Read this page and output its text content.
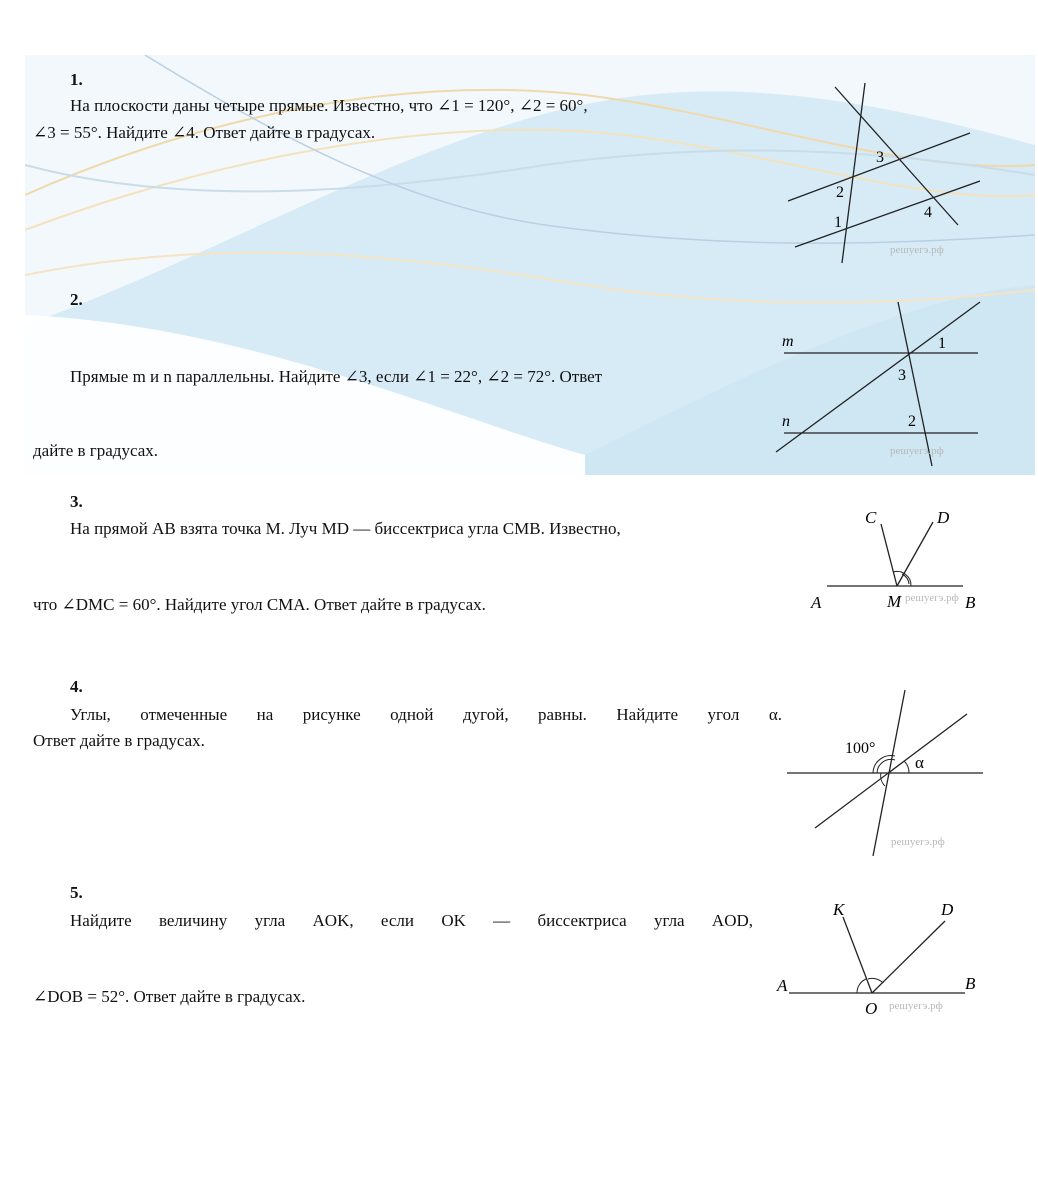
1.
На плоскости даны четыре прямые. Известно, что ∠1 = 120°, ∠2 = 60°,
∠3 = 55°. Найдите ∠4. Ответ дайте в градусах.
3
2
1
4
решуегэ.рф
2.
Прямые m и n параллельны. Найдите ∠3, если ∠1 = 22°, ∠2 = 72°. Ответ
дайте в градусах.
m
n
1
2
3
решуегэ.рф
3.
На прямой AB взята точка M. Луч MD — биссектриса угла CMB. Известно,
что ∠DMC = 60°. Найдите угол CMA. Ответ дайте в градусах.
C	D
A	M	B
решуегэ.рф
4.
Углы, отмеченные на рисунке одной дугой, равны. Найдите угол α.
Ответ дайте в градусах.	100°
α
решуегэ.рф
5.
Найдите величину угла AOK, если OK — биссектриса угла AOD,
∠DOB = 52°. Ответ дайте в градусах.
K	D
A
O
B
решуегэ.рф
